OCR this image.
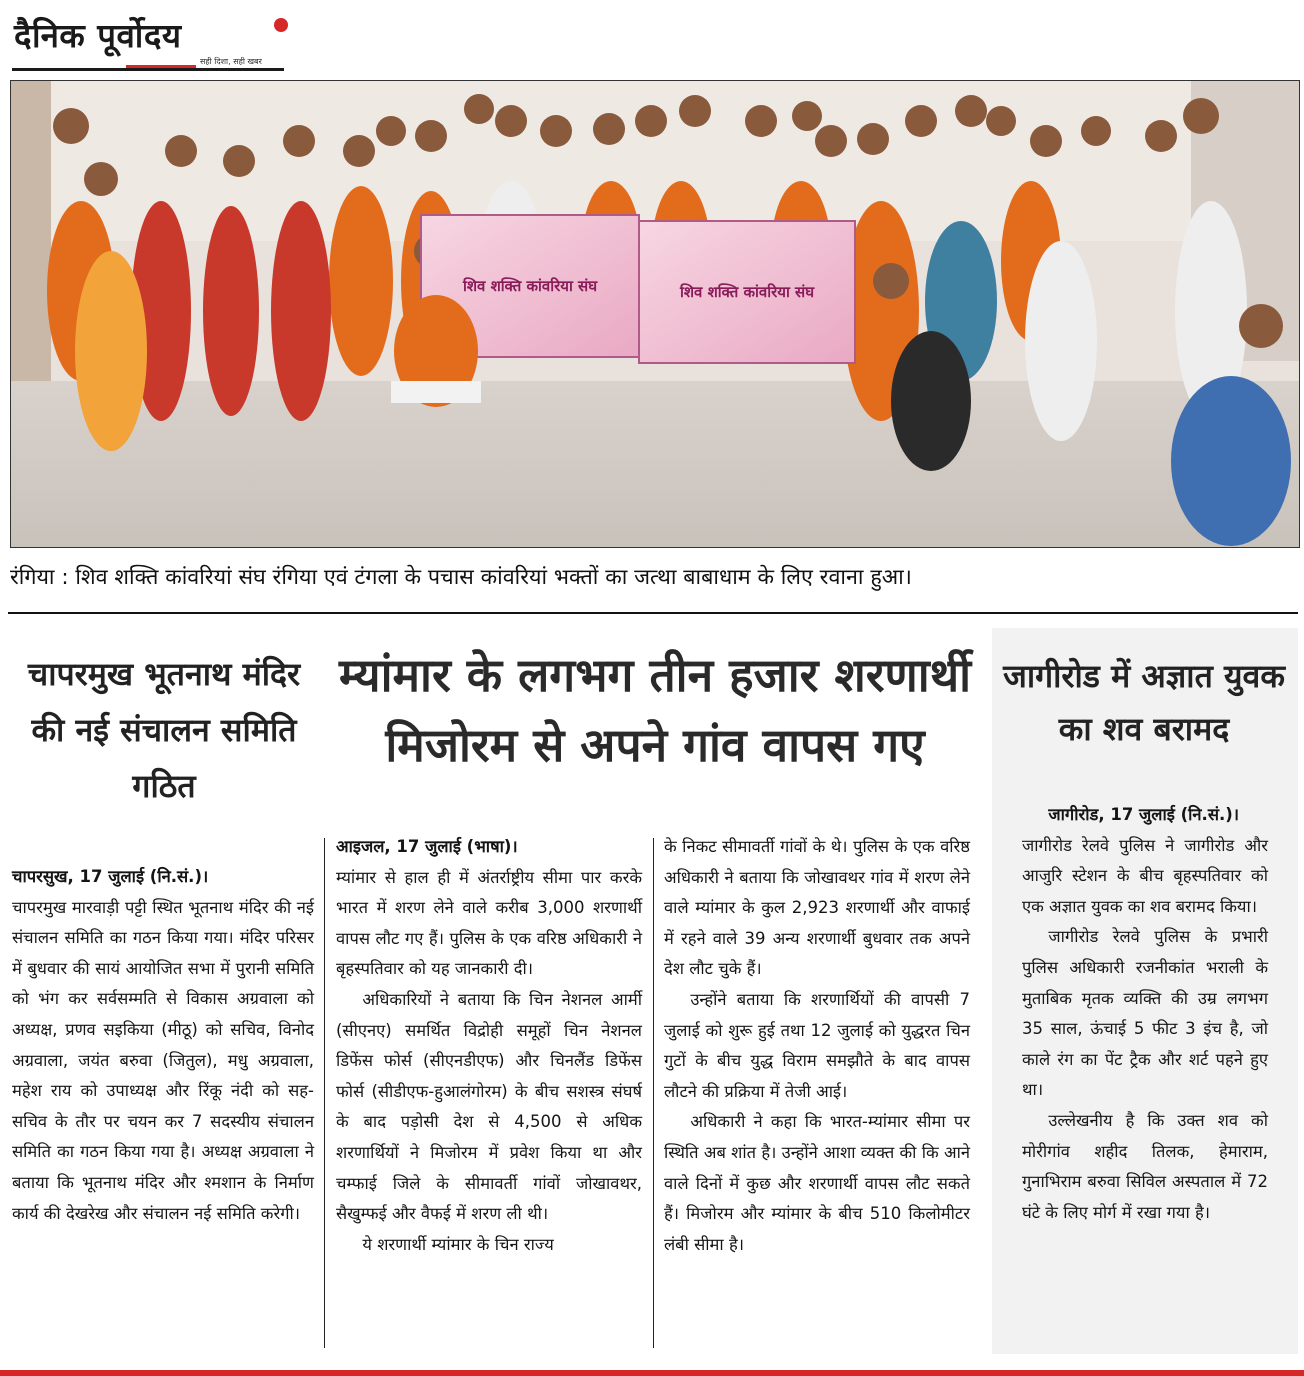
दैनिक पूर्वोदय
सही दिशा, सही खबर
शिव शक्ति कांवरिया संघ	शिव शक्ति कांवरिया संघ
रंगिया : शिव शक्ति कांवरियां संघ रंगिया एवं टंगला के पचास कांवरियां भक्तों का जत्था बाबाधाम के लिए रवाना हुआ।
चापरमुख भूतनाथ मंदिर की नई संचालन समिति गठित
म्यांमार के लगभग तीन हजार शरणार्थी मिजोरम से अपने गांव वापस गए
जागीरोड में अज्ञात युवक का शव बरामद

चापरसुख, 17 जुलाई (नि.सं.)।

चापरमुख मारवाड़ी पट्टी स्थित भूतनाथ मंदिर की नई संचालन समिति का गठन किया गया। मंदिर परिसर में बुधवार की सायं आयोजित सभा में पुरानी समिति को भंग कर सर्वसम्मति से विकास अग्रवाला को अध्यक्ष, प्रणव सइकिया (मीठू) को सचिव, विनोद अग्रवाला, जयंत बरुवा (जितुल), मधु अग्रवाला, महेश राय को उपाध्यक्ष और रिंकू नंदी को सह-सचिव के तौर पर चयन कर 7 सदस्यीय संचालन समिति का गठन किया गया है। अध्यक्ष अग्रवाला ने बताया कि भूतनाथ मंदिर और श्मशान के निर्माण कार्य की देखरेख और संचालन नई समिति करेगी।

आइजल, 17 जुलाई (भाषा)।

म्यांमार से हाल ही में अंतर्राष्ट्रीय सीमा पार करके भारत में शरण लेने वाले करीब 3,000 शरणार्थी वापस लौट गए हैं। पुलिस के एक वरिष्ठ अधिकारी ने बृहस्पतिवार को यह जानकारी दी।

अधिकारियों ने बताया कि चिन नेशनल आर्मी (सीएनए) समर्थित विद्रोही समूहों चिन नेशनल डिफेंस फोर्स (सीएनडीएफ) और चिनलैंड डिफेंस फोर्स (सीडीएफ-हुआलंगोरम) के बीच सशस्त्र संघर्ष के बाद पड़ोसी देश से 4,500 से अधिक शरणार्थियों ने मिजोरम में प्रवेश किया था और चम्फाई जिले के सीमावर्ती गांवों जोखावथर, सैखुम्फई और वैफई में शरण ली थी।

ये शरणार्थी म्यांमार के चिन राज्य

के निकट सीमावर्ती गांवों के थे। पुलिस के एक वरिष्ठ अधिकारी ने बताया कि जोखावथर गांव में शरण लेने वाले म्यांमार के कुल 2,923 शरणार्थी और वाफाई में रहने वाले 39 अन्य शरणार्थी बुधवार तक अपने देश लौट चुके हैं।

उन्होंने बताया कि शरणार्थियों की वापसी 7 जुलाई को शुरू हुई तथा 12 जुलाई को युद्धरत चिन गुटों के बीच युद्ध विराम समझौते के बाद वापस लौटने की प्रक्रिया में तेजी आई।

अधिकारी ने कहा कि भारत-म्यांमार सीमा पर स्थिति अब शांत है। उन्होंने आशा व्यक्त की कि आने वाले दिनों में कुछ और शरणार्थी वापस लौट सकते हैं। मिजोरम और म्यांमार के बीच 510 किलोमीटर लंबी सीमा है।

जागीरोड, 17 जुलाई (नि.सं.)।

जागीरोड रेलवे पुलिस ने जागीरोड और आजुरि स्टेशन के बीच बृहस्पतिवार को एक अज्ञात युवक का शव बरामद किया।

जागीरोड रेलवे पुलिस के प्रभारी पुलिस अधिकारी रजनीकांत भराली के मुताबिक मृतक व्यक्ति की उम्र लगभग 35 साल, ऊंचाई 5 फीट 3 इंच है, जो काले रंग का पेंट ट्रैक और शर्ट पहने हुए था।

उल्लेखनीय है कि उक्त शव को मोरीगांव शहीद तिलक, हेमाराम, गुनाभिराम बरुवा सिविल अस्पताल में 72 घंटे के लिए मोर्ग में रखा गया है।
